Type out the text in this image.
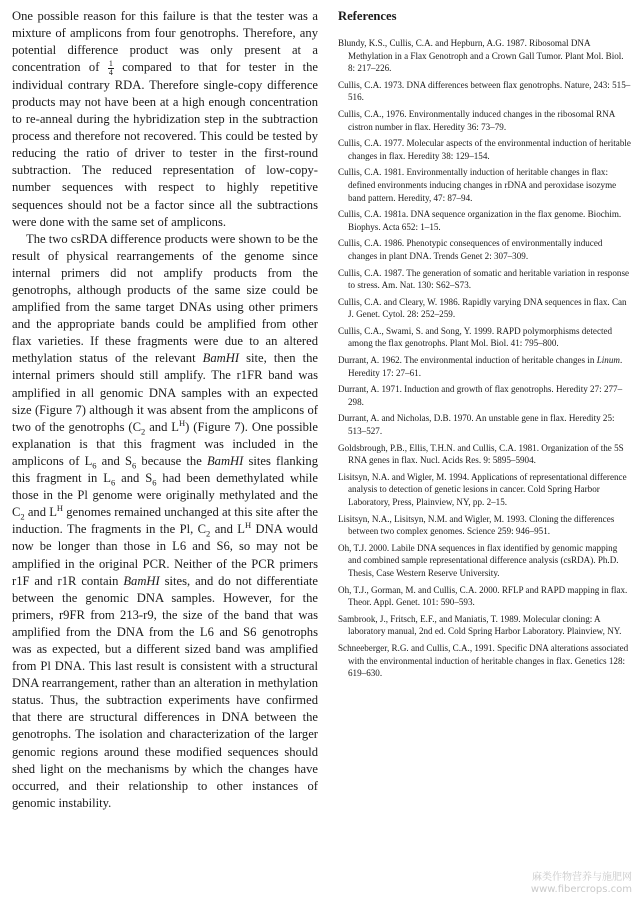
One possible reason for this failure is that the tester was a mixture of amplicons from four genotrophs. Therefore, any potential difference product was only present at a concentration of $\frac{1}{4}$ compared to that for tester in the individual contrary RDA. Therefore single-copy difference products may not have been at a high enough concentration to re-anneal during the hybridization step in the subtraction process and therefore not recovered. This could be tested by reducing the ratio of driver to tester in the first-round subtraction. The reduced representation of low-copy-number sequences with respect to highly repetitive sequences should not be a factor since all the subtractions were done with the same set of amplicons.

The two csRDA difference products were shown to be the result of physical rearrangements of the genome since internal primers did not amplify products from the genotrophs, although products of the same size could be amplified from the same target DNAs using other primers and the appropriate bands could be amplified from other flax varieties. If these fragments were due to an altered methylation status of the relevant BamHI site, then the internal primers should still amplify. The r1FR band was amplified in all genomic DNA samples with an expected size (Figure 7) although it was absent from the amplicons of two of the genotrophs ($C_2$ and $L^H$) (Figure 7). One possible explanation is that this fragment was included in the amplicons of $L_6$ and $S_6$ because the BamHI sites flanking this fragment in $L_6$ and $S_6$ had been demethylated while those in the Pl genome were originally methylated and the $C_2$ and $L^H$ genomes remained unchanged at this site after the induction. The fragments in the Pl, $C_2$ and $L^H$ DNA would now be longer than those in L6 and S6, so may not be amplified in the original PCR. Neither of the PCR primers r1F and r1R contain BamHI sites, and do not differentiate between the genomic DNA samples. However, for the primers, r9FR from 213-r9, the size of the band that was amplified from the DNA from the L6 and S6 genotrophs was as expected, but a different sized band was amplified from Pl DNA. This last result is consistent with a structural DNA rearrangement, rather than an alteration in methylation status. Thus, the subtraction experiments have confirmed that there are structural differences in DNA between the genotrophs. The isolation and characterization of the larger genomic regions around these modified sequences should shed light on the mechanisms by which the changes have occurred, and their relationship to other instances of genomic instability.

References
Blundy, K.S., Cullis, C.A. and Hepburn, A.G. 1987. Ribosomal DNA Methylation in a Flax Genotroph and a Crown Gall Tumor. Plant Mol. Biol. 8: 217–226.
Cullis, C.A. 1973. DNA differences between flax genotrophs. Nature, 243: 515–516.
Cullis, C.A., 1976. Environmentally induced changes in the ribosomal RNA cistron number in flax. Heredity 36: 73–79.
Cullis, C.A. 1977. Molecular aspects of the environmental induction of heritable changes in flax. Heredity 38: 129–154.
Cullis, C.A. 1981. Environmentally induction of heritable changes in flax: defined environments inducing changes in rDNA and peroxidase isozyme band pattern. Heredity, 47: 87–94.
Cullis, C.A. 1981a. DNA sequence organization in the flax genome. Biochim. Biophys. Acta 652: 1–15.
Cullis, C.A. 1986. Phenotypic consequences of environmentally induced changes in plant DNA. Trends Genet 2: 307–309.
Cullis, C.A. 1987. The generation of somatic and heritable variation in response to stress. Am. Nat. 130: S62–S73.
Cullis, C.A. and Cleary, W. 1986. Rapidly varying DNA sequences in flax. Can J. Genet. Cytol. 28: 252–259.
Cullis, C.A., Swami, S. and Song, Y. 1999. RAPD polymorphisms detected among the flax genotrophs. Plant Mol. Biol. 41: 795–800.
Durrant, A. 1962. The environmental induction of heritable changes in Linum. Heredity 17: 27–61.
Durrant, A. 1971. Induction and growth of flax genotrophs. Heredity 27: 277–298.
Durrant, A. and Nicholas, D.B. 1970. An unstable gene in flax. Heredity 25: 513–527.
Goldsbrough, P.B., Ellis, T.H.N. and Cullis, C.A. 1981. Organization of the 5S RNA genes in flax. Nucl. Acids Res. 9: 5895–5904.
Lisitsyn, N.A. and Wigler, M. 1994. Applications of representational difference analysis to detection of genetic lesions in cancer. Cold Spring Harbor Laboratory, Press, Plainview, NY, pp. 2–15.
Lisitsyn, N.A., Lisitsyn, N.M. and Wigler, M. 1993. Cloning the differences between two complex genomes. Science 259: 946–951.
Oh, T.J. 2000. Labile DNA sequences in flax identified by genomic mapping and combined sample representational difference analysis (csRDA). Ph.D. Thesis, Case Western Reserve University.
Oh, T.J., Gorman, M. and Cullis, C.A. 2000. RFLP and RAPD mapping in flax. Theor. Appl. Genet. 101: 590–593.
Sambrook, J., Fritsch, E.F., and Maniatis, T. 1989. Molecular cloning: A laboratory manual, 2nd ed. Cold Spring Harbor Laboratory. Plainview, NY.
Schneeberger, R.G. and Cullis, C.A., 1991. Specific DNA alterations associated with the environmental induction of heritable changes in flax. Genetics 128: 619–630.
麻类作物营养与施肥网
www.fibercrops.com
